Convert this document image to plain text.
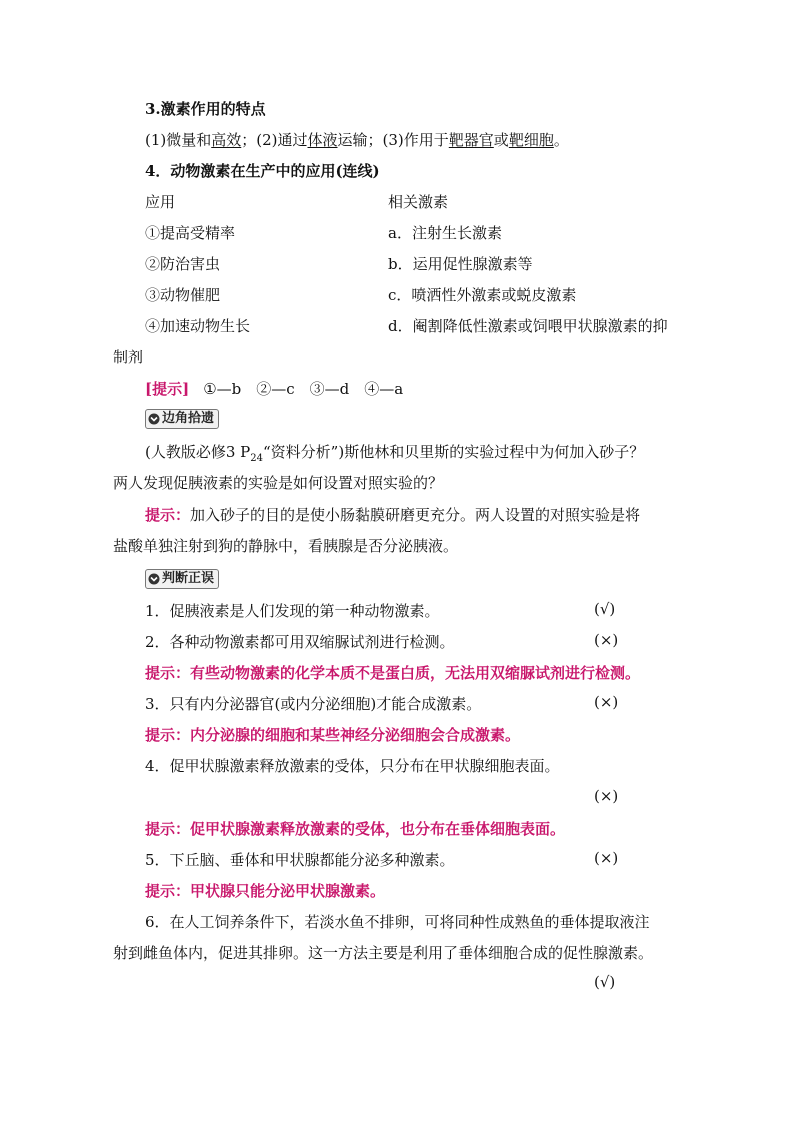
3.激素作用的特点
(1)微量和高效；(2)通过体液运输；(3)作用于靶器官或靶细胞。
4．动物激素在生产中的应用(连线)
应用	相关激素
①提高受精率	a．注射生长激素
②防治害虫	b．运用促性腺激素等
③动物催肥	c．喷洒性外激素或蜕皮激素
④加速动物生长	d．阉割降低性激素或饲喂甲状腺激素的抑
制剂
[提示] ①—b　②—c　③—d　④—a
边角拾遗
(人教版必修3 $P_{24}“$资料分析”)斯他林和贝里斯的实验过程中为何加入砂子？
两人发现促胰液素的实验是如何设置对照实验的？
提示：加入砂子的目的是使小肠黏膜研磨更充分。两人设置的对照实验是将
盐酸单独注射到狗的静脉中，看胰腺是否分泌胰液。
判断正误
1．促胰液素是人们发现的第一种动物激素。	(√)
2．各种动物激素都可用双缩脲试剂进行检测。	(×)
提示：有些动物激素的化学本质不是蛋白质，无法用双缩脲试剂进行检测。
3．只有内分泌器官(或内分泌细胞)才能合成激素。	(×)
提示：内分泌腺的细胞和某些神经分泌细胞会合成激素。
4．促甲状腺激素释放激素的受体，只分布在甲状腺细胞表面。
(×)
提示：促甲状腺激素释放激素的受体，也分布在垂体细胞表面。
5．下丘脑、垂体和甲状腺都能分泌多种激素。	(×)
提示：甲状腺只能分泌甲状腺激素。
6．在人工饲养条件下，若淡水鱼不排卵，可将同种性成熟鱼的垂体提取液注
射到雌鱼体内，促进其排卵。这一方法主要是利用了垂体细胞合成的促性腺激素。
(√)
